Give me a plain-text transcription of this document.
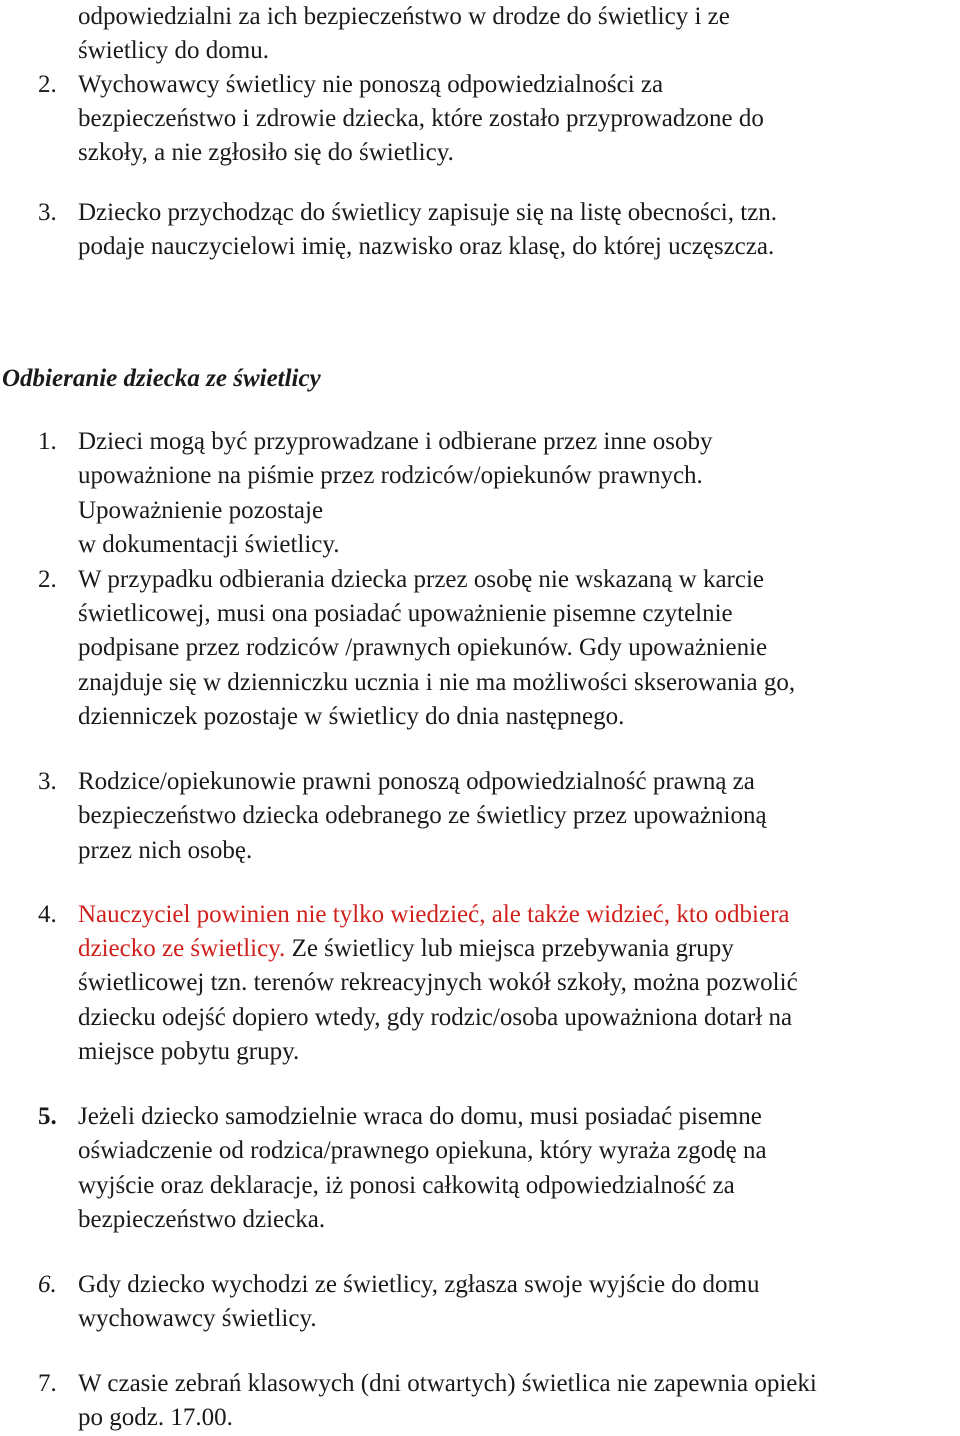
odpowiedzialni za ich bezpieczeństwo w drodze do świetlicy i ze
świetlicy do domu.
2. Wychowawcy świetlicy nie ponoszą odpowiedzialności za
bezpieczeństwo i zdrowie dziecka, które zostało przyprowadzone do
szkoły, a nie zgłosiło się do świetlicy.
3. Dziecko przychodząc do świetlicy zapisuje się na listę obecności, tzn.
podaje nauczycielowi imię, nazwisko oraz klasę, do której uczęszcza.
Odbieranie dziecka ze świetlicy
1. Dzieci mogą być przyprowadzane i odbierane przez inne osoby
upoważnione na piśmie przez rodziców/opiekunów prawnych.
Upoważnienie pozostaje
w dokumentacji świetlicy.
2. W przypadku odbierania dziecka przez osobę nie wskazaną w karcie
świetlicowej, musi ona posiadać upoważnienie pisemne czytelnie
podpisane przez rodziców /prawnych opiekunów. Gdy upoważnienie
znajduje się w dzienniczku ucznia i nie ma możliwości skserowania go,
dzienniczek pozostaje w świetlicy do dnia następnego.
3. Rodzice/opiekunowie prawni ponoszą odpowiedzialność prawną za
bezpieczeństwo dziecka odebranego ze świetlicy przez upoważnioną
przez nich osobę.
4. Nauczyciel powinien nie tylko wiedzieć, ale także widzieć, kto odbiera
dziecko ze świetlicy. Ze świetlicy lub miejsca przebywania grupy
świetlicowej tzn. terenów rekreacyjnych wokół szkoły, można pozwolić
dziecku odejść dopiero wtedy, gdy rodzic/osoba upoważniona dotarł na
miejsce pobytu grupy.
5. Jeżeli dziecko samodzielnie wraca do domu, musi posiadać pisemne
oświadczenie od rodzica/prawnego opiekuna, który wyraża zgodę na
wyjście oraz deklaracje, iż ponosi całkowitą odpowiedzialność za
bezpieczeństwo dziecka.
6. Gdy dziecko wychodzi ze świetlicy, zgłasza swoje wyjście do domu
wychowawcy świetlicy.
7. W czasie zebrań klasowych (dni otwartych) świetlica nie zapewnia opieki
po godz. 17.00.
